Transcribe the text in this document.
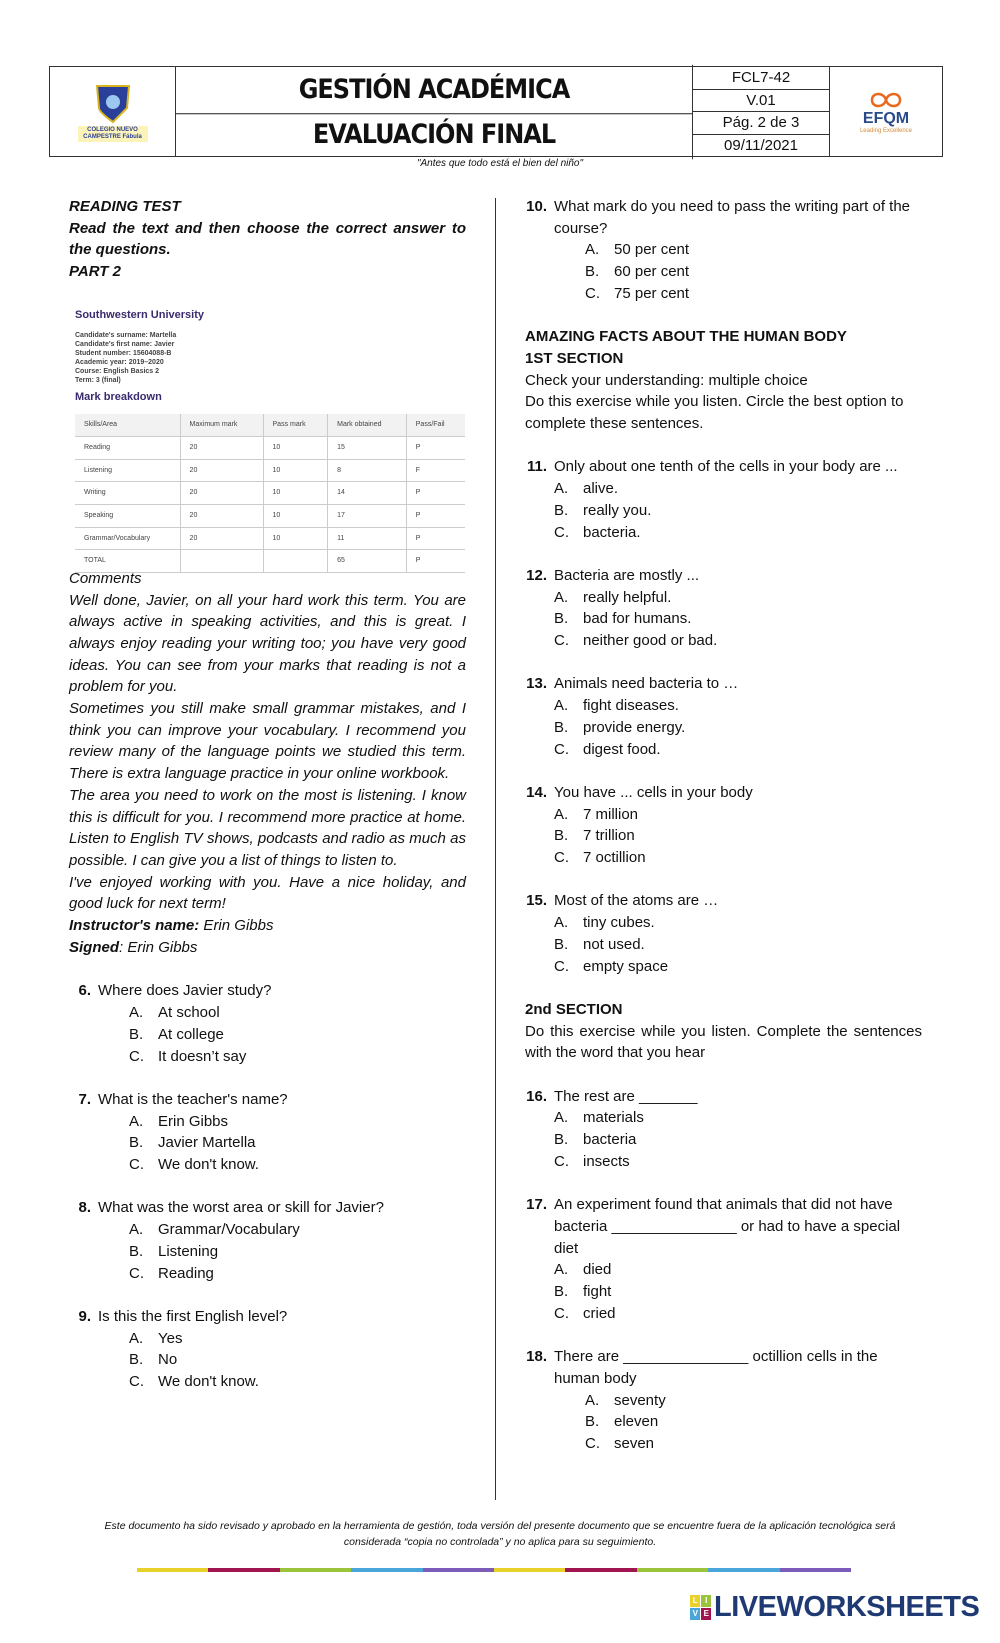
COLEGIO NUEVO CAMPESTRE Fábula
GESTIÓN ACADÉMICA	FCL7-42
V.01
Pág. 2 de 3
09/11/2021
EFQM
Leading Excellence
EVALUACIÓN FINAL
"Antes que todo está el bien del niño"
READING TEST
Read the text and then choose the correct answer to the questions.
PART 2
Southwestern University

Candidate's surname: Martella

Candidate's first name: Javier

Student number: 15604088-B

Academic year: 2019–2020

Course: English Basics 2

Term: 3 (final)

Mark breakdown
Skills/Area	Maximum mark	Pass mark	Mark obtained	Pass/Fail
Reading	20	10	15	P
Listening	20	10	8	F
Writing	20	10	14	P
Speaking	20	10	17	P
Grammar/Vocabulary	20	10	11	P
TOTAL			65	P
Comments
Well done, Javier, on all your hard work this term. You are always active in speaking activities, and this is great. I always enjoy reading your writing too; you have very good ideas. You can see from your marks that reading is not a problem for you.
Sometimes you still make small grammar mistakes, and I think you can improve your vocabulary. I recommend you review many of the language points we studied this term. There is extra language practice in your online workbook.
The area you need to work on the most is listening. I know this is difficult for you. I recommend more practice at home. Listen to English TV shows, podcasts and radio as much as possible. I can give you a list of things to listen to.
I've enjoyed working with you. Have a nice holiday, and good luck for next term!
Instructor's name: Erin Gibbs
Signed: Erin Gibbs
6. Where does Javier study?
A. At school
B. At college
C. It doesn’t say
7. What is the teacher's name?
A. Erin Gibbs
B. Javier Martella
C. We don't know.
8. What was the worst area or skill for Javier?
A. Grammar/Vocabulary
B. Listening
C. Reading
9. Is this the first English level?
A. Yes
B. No
C. We don't know.
10. What mark do you need to pass the writing part of the course?
A. 50 per cent
B. 60 per cent
C. 75 per cent
AMAZING FACTS ABOUT THE HUMAN BODY
1ST SECTION
Check your understanding: multiple choice
Do this exercise while you listen. Circle the best option to complete these sentences.
11. Only about one tenth of the cells in your body are ...
A. alive.
B. really you.
C. bacteria.
12. Bacteria are mostly ...
A. really helpful.
B. bad for humans.
C. neither good or bad.
13. Animals need bacteria to …
A. fight diseases.
B. provide energy.
C. digest food.
14. You have ... cells in your body
A. 7 million
B. 7 trillion
C. 7 octillion
15. Most of the atoms are …
A. tiny cubes.
B. not used.
C. empty space
2nd SECTION
Do this exercise while you listen. Complete the sentences with the word that you hear
16. The rest are _______
A. materials
B. bacteria
C. insects
17. An experiment found that animals that did not have bacteria _______________ or had to have a special diet
A. died
B. fight
C. cried
18. There are _______________ octillion cells in the human body
A. seventy
B. eleven
C. seven
Este documento ha sido revisado y aprobado en la herramienta de gestión, toda versión del presente documento que se encuentre fuera de la aplicación tecnológica será considerada “copia no controlada” y no aplica para su seguimiento.
L I
V E LIVEWORKSHEETS
